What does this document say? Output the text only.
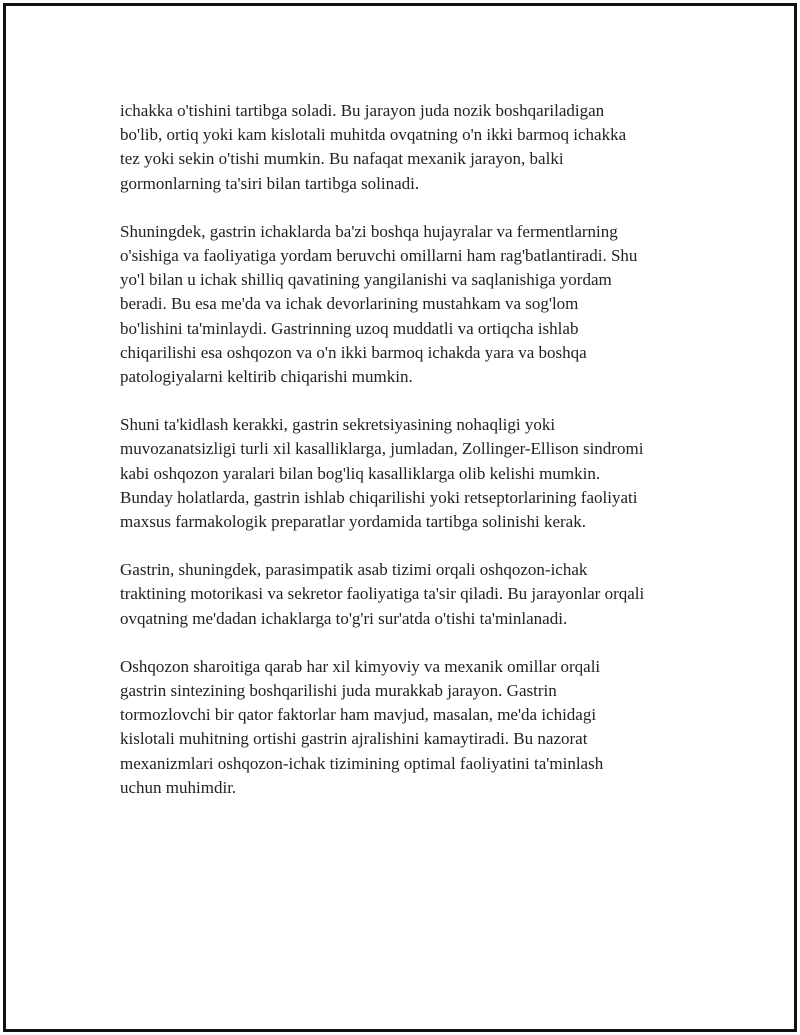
ichakka o'tishini tartibga soladi. Bu jarayon juda nozik boshqariladigan
bo'lib, ortiq yoki kam kislotali muhitda ovqatning o'n ikki barmoq ichakka
tez yoki sekin o'tishi mumkin. Bu nafaqat mexanik jarayon, balki
gormonlarning ta'siri bilan tartibga solinadi.

Shuningdek, gastrin ichaklarda ba'zi boshqa hujayralar va fermentlarning
o'sishiga va faoliyatiga yordam beruvchi omillarni ham rag'batlantiradi. Shu
yo'l bilan u ichak shilliq qavatining yangilanishi va saqlanishiga yordam
beradi. Bu esa me'da va ichak devorlarining mustahkam va sog'lom
bo'lishini ta'minlaydi. Gastrinning uzoq muddatli va ortiqcha ishlab
chiqarilishi esa oshqozon va o'n ikki barmoq ichakda yara va boshqa
patologiyalarni keltirib chiqarishi mumkin.

Shuni ta'kidlash kerakki, gastrin sekretsiyasining nohaqligi yoki
muvozanatsizligi turli xil kasalliklarga, jumladan, Zollinger-Ellison sindromi
kabi oshqozon yaralari bilan bog'liq kasalliklarga olib kelishi mumkin.
Bunday holatlarda, gastrin ishlab chiqarilishi yoki retseptorlarining faoliyati
maxsus farmakologik preparatlar yordamida tartibga solinishi kerak.

Gastrin, shuningdek, parasimpatik asab tizimi orqali oshqozon-ichak
traktining motorikasi va sekretor faoliyatiga ta'sir qiladi. Bu jarayonlar orqali
ovqatning me'dadan ichaklarga to'g'ri sur'atda o'tishi ta'minlanadi.

Oshqozon sharoitiga qarab har xil kimyoviy va mexanik omillar orqali
gastrin sintezining boshqarilishi juda murakkab jarayon. Gastrin
tormozlovchi bir qator faktorlar ham mavjud, masalan, me'da ichidagi
kislotali muhitning ortishi gastrin ajralishini kamaytiradi. Bu nazorat
mexanizmlari oshqozon-ichak tizimining optimal faoliyatini ta'minlash
uchun muhimdir.
